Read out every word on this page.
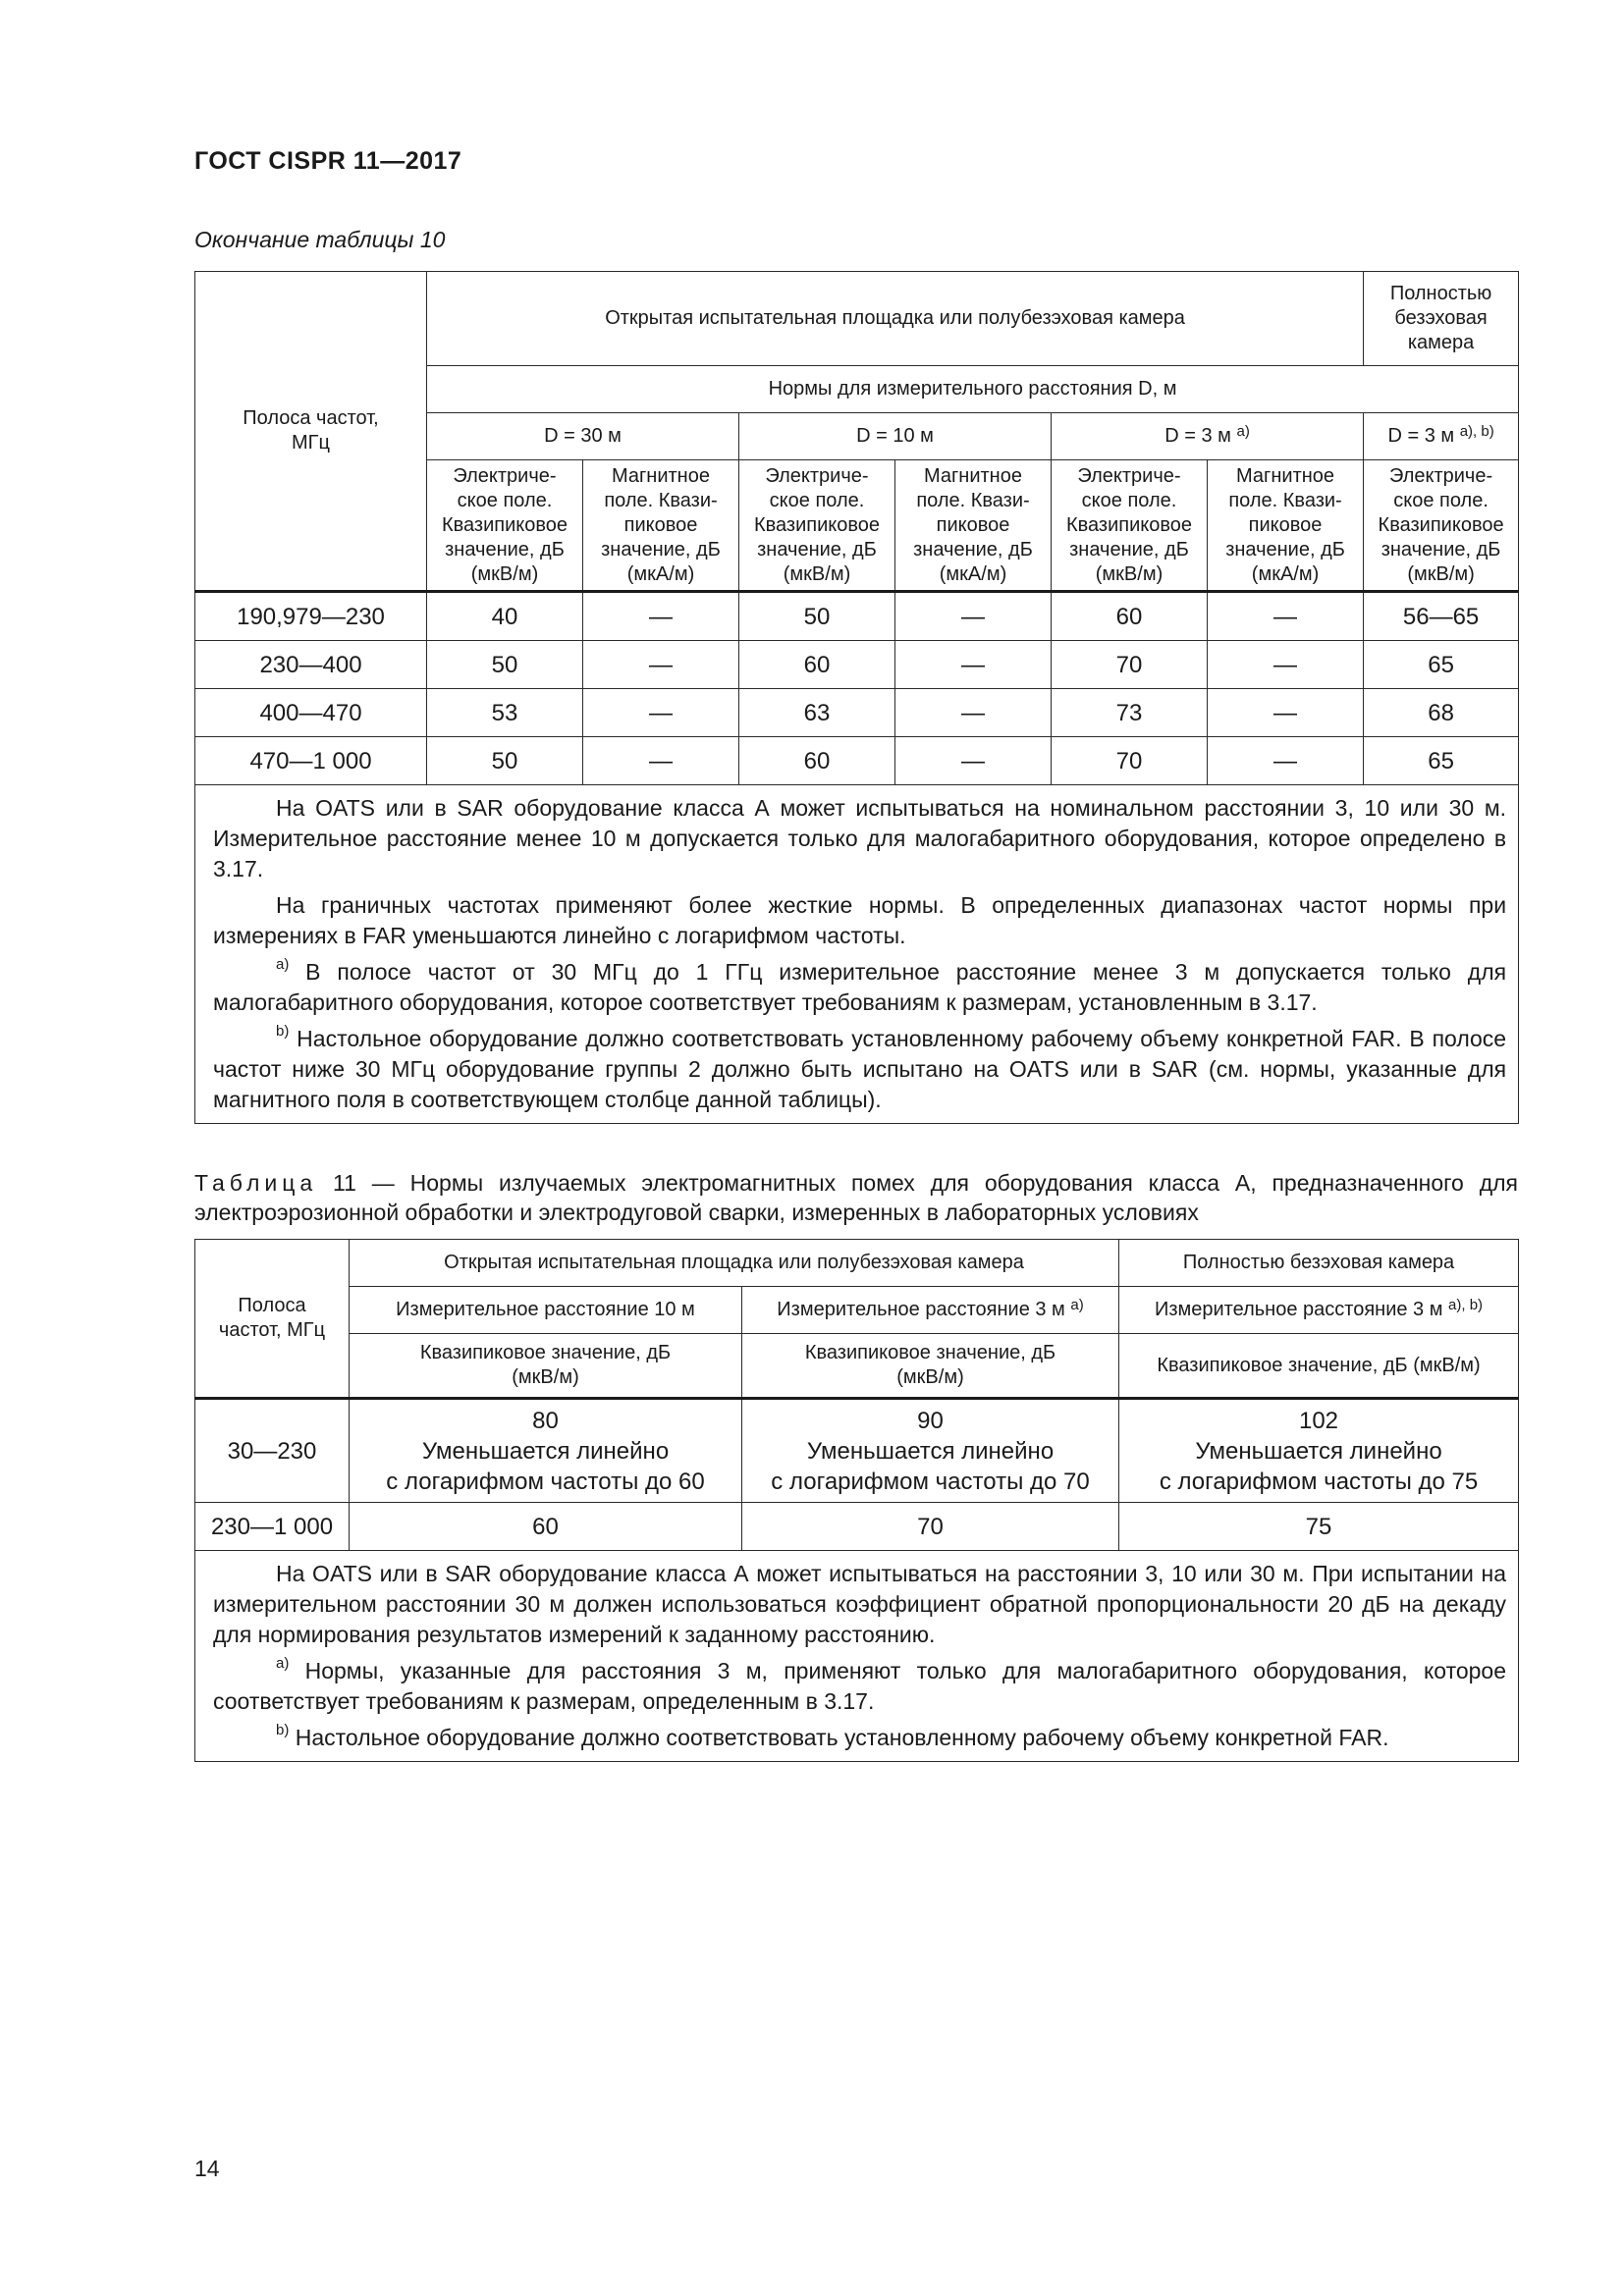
ГОСТ CISPR 11—2017
Окончание таблицы 10
Полоса частот,
МГц	Открытая испытательная площадка или полубезэховая камера						Полностью
безэховая
камера
	Нормы для измерительного расстояния D, м						
	D = 30 м		D = 10 м		D = 3 м $^{а)}$		D = 3 м $^{а), b)}$
	Электриче-
ское поле.
Квазипиковое
значение, дБ
(мкВ/м)	Магнитное
поле. Квази-
пиковое
значение, дБ
(мкА/м)	Электриче-
ское поле.
Квазипиковое
значение, дБ
(мкВ/м)	Магнитное
поле. Квази-
пиковое
значение, дБ
(мкА/м)	Электриче-
ское поле.
Квазипиковое
значение, дБ
(мкВ/м)	Магнитное
поле. Квази-
пиковое
значение, дБ
(мкА/м)	Электриче-
ское поле.
Квазипиковое
значение, дБ
(мкВ/м)
190,979—230	40	—	50	—	60	—	56—65
230—400	50	—	60	—	70	—	65
400—470	53	—	63	—	73	—	68
470—1 000	50	—	60	—	70	—	65

На OATS или в SAR оборудование класса А может испытываться на номинальном расстоянии 3, 10 или 30 м. Измерительное расстояние менее 10 м допускается только для малогабаритного оборудования, которое определено в 3.17.

На граничных частотах применяют более жесткие нормы. В определенных диапазонах частот нормы при измерениях в FAR уменьшаются линейно с логарифмом частоты.

$^{а)}$ В полосе частот от 30 МГц до 1 ГГц измерительное расстояние менее 3 м допускается только для малогабаритного оборудования, которое соответствует требованиям к размерам, установленным в 3.17.

$^{b)}$ Настольное оборудование должно соответствовать установленному рабочему объему конкретной FAR. В полосе частот ниже 30 МГц оборудование группы 2 должно быть испытано на OATS или в SAR (см. нормы, указанные для магнитного поля в соответствующем столбце данной таблицы).							

Таблица 11 — Нормы излучаемых электромагнитных помех для оборудования класса А, предназначенного для электроэрозионной обработки и электродуговой сварки, измеренных в лабораторных условиях
Полоса
частот, МГц	Открытая испытательная площадка или полубезэховая камера		Полностью безэховая камера
	Измерительное расстояние 10 м	Измерительное расстояние 3 м $^{а)}$	Измерительное расстояние 3 м $^{а), b)}$
	Квазипиковое значение, дБ
(мкВ/м)	Квазипиковое значение, дБ
(мкВ/м)	Квазипиковое значение, дБ (мкВ/м)
30—230	80
Уменьшается линейно
с логарифмом частоты до 60	90
Уменьшается линейно
с логарифмом частоты до 70	102
Уменьшается линейно
с логарифмом частоты до 75
230—1 000	60	70	75

На OATS или в SAR оборудование класса А может испытываться на расстоянии 3, 10 или 30 м. При испытании на измерительном расстоянии 30 м должен использоваться коэффициент обратной пропорциональности 20 дБ на декаду для нормирования результатов измерений к заданному расстоянию.

$^{а)}$ Нормы, указанные для расстояния 3 м, применяют только для малогабаритного оборудования, которое соответствует требованиям к размерам, определенным в 3.17.

$^{b)}$ Настольное оборудование должно соответствовать установленному рабочему объему конкретной FAR.			

14
